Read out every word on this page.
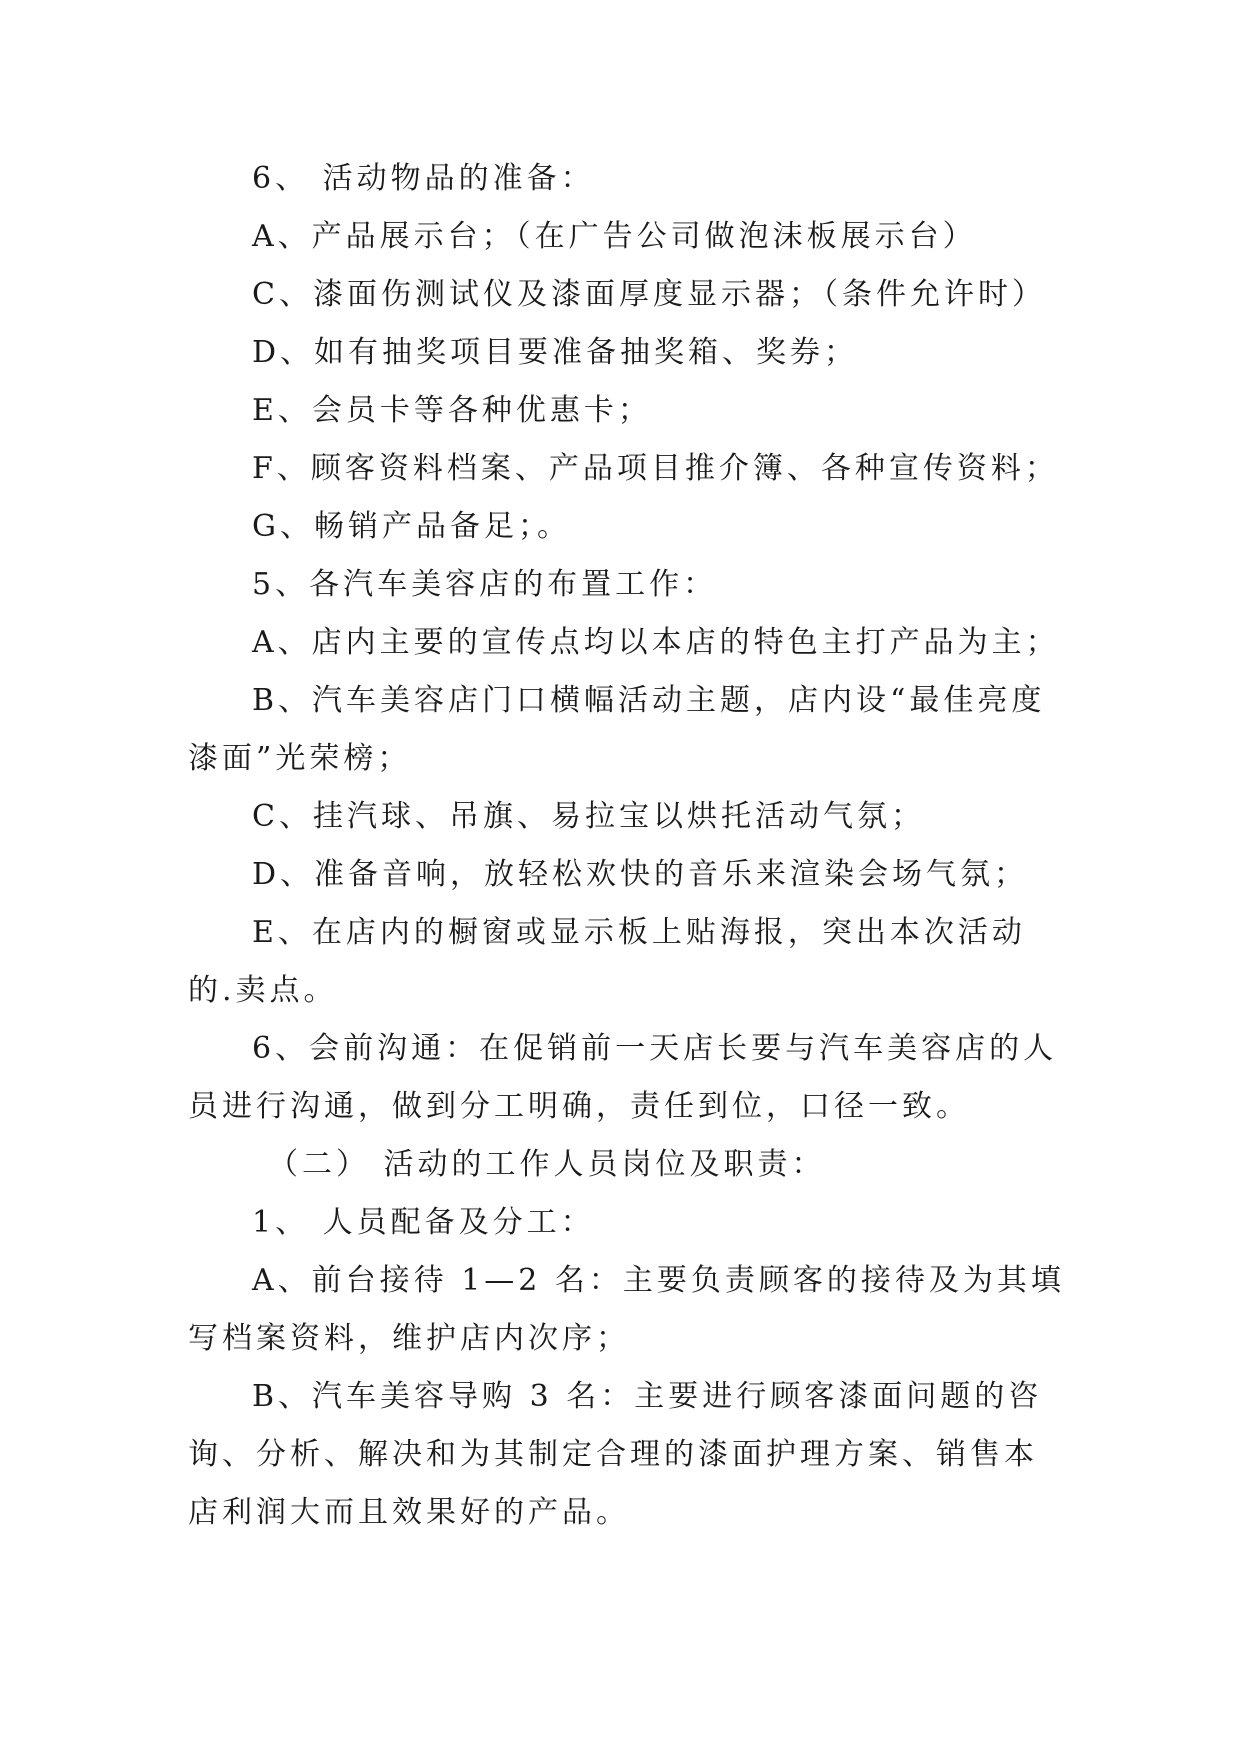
6、 活动物品的准备：

A、产品展示台；（在广告公司做泡沫板展示台）

C、漆面伤测试仪及漆面厚度显示器；（条件允许时）

D、如有抽奖项目要准备抽奖箱、奖券；

E、会员卡等各种优惠卡；

F、顾客资料档案、产品项目推介簿、各种宣传资料；

G、畅销产品备足；。

5、各汽车美容店的布置工作：

A、店内主要的宣传点均以本店的特色主打产品为主；

B、汽车美容店门口横幅活动主题，店内设“最佳亮度漆面”光荣榜；

C、挂汽球、吊旗、易拉宝以烘托活动气氛；

D、准备音响，放轻松欢快的音乐来渲染会场气氛；

E、在店内的橱窗或显示板上贴海报，突出本次活动的.卖点。

6、会前沟通：在促销前一天店长要与汽车美容店的人员进行沟通，做到分工明确，责任到位，口径一致。

（二） 活动的工作人员岗位及职责：

1、 人员配备及分工：

A、前台接待 1—2 名：主要负责顾客的接待及为其填写档案资料，维护店内次序；

B、汽车美容导购 3 名：主要进行顾客漆面问题的咨询、分析、解决和为其制定合理的漆面护理方案、销售本店利润大而且效果好的产品。
